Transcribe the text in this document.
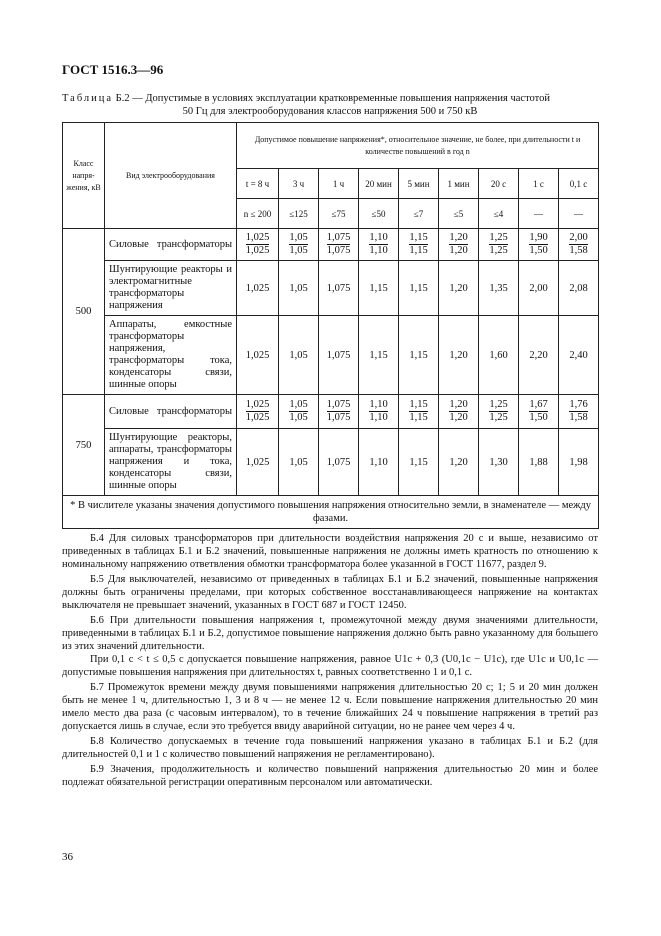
ГОСТ 1516.3—96
Таблица Б.2 — Допустимые в условиях эксплуатации кратковременные повышения напряжения частотой
50 Гц для электрооборудования классов напряжения 500 и 750 кВ
Класс напря-жения, кВ	Вид электрооборудования	Допустимое повышение напряжения*, относительное значение, не более, при длительности t и количестве повышений в год n								
		t = 8 ч	3 ч	1 ч	20 мин	5 мин	1 мин	20 с	1 с	0,1 с
		n ≤ 200	≤125	≤75	≤50	≤7	≤5	≤4	—	—
500	Силовые трансформаторы	$\frac{1,025}{1,025}$	$\frac{1,05}{1,05}$	$\frac{1,075}{1,075}$	$\frac{1,10}{1,10}$	$\frac{1,15}{1,15}$	$\frac{1,20}{1,20}$	$\frac{1,25}{1,25}$	$\frac{1,90}{1,50}$	$\frac{2,00}{1,58}$

	Шунтирующие реакторы и электромагнитные трансформаторы напряжения	1,025	1,05	1,075	1,15	1,15	1,20	1,35	2,00	2,08
	Аппараты, емкостные трансформаторы напряжения, трансформаторы тока, конденсаторы связи, шинные опоры	1,025	1,05	1,075	1,15	1,15	1,20	1,60	2,20	2,40
750	Силовые трансформаторы	$\frac{1,025}{1,025}$	$\frac{1,05}{1,05}$	$\frac{1,075}{1,075}$	$\frac{1,10}{1,10}$	$\frac{1,15}{1,15}$	$\frac{1,20}{1,20}$	$\frac{1,25}{1,25}$	$\frac{1,67}{1,50}$	$\frac{1,76}{1,58}$

	Шунтирующие реакторы, аппараты, трансформаторы напряжения и тока, конденсаторы связи, шинные опоры	1,025	1,05	1,075	1,10	1,15	1,20	1,30	1,88	1,98
* В числителе указаны значения допустимого повышения напряжения относительно земли, в знаменателе — между фазами.										

Б.4 Для силовых трансформаторов при длительности воздействия напряжения 20 с и выше, независимо от приведенных в таблицах Б.1 и Б.2 значений, повышенные напряжения не должны иметь кратность по отношению к номинальному напряжению ответвления обмотки трансформатора более указанной в ГОСТ 11677, раздел 9.

Б.5 Для выключателей, независимо от приведенных в таблицах Б.1 и Б.2 значений, повышенные напряжения должны быть ограничены пределами, при которых собственное восстанавливающееся напряжение на контактах выключателя не превышает значений, указанных в ГОСТ 687 и ГОСТ 12450.

Б.6 При длительности повышения напряжения t, промежуточной между двумя значениями длительности, приведенными в таблицах Б.1 и Б.2, допустимое повышение напряжения должно быть равно указанному для большего из этих значений длительности.

При 0,1 с < t ≤ 0,5 с допускается повышение напряжения, равное U1c + 0,3 (U0,1c − U1c), где U1c и U0,1c — допустимые повышения напряжения при длительностях t, равных соответственно 1 и 0,1 с.

Б.7 Промежуток времени между двумя повышениями напряжения длительностью 20 с; 1; 5 и 20 мин должен быть не менее 1 ч, длительностью 1, 3 и 8 ч — не менее 12 ч. Если повышение напряжения длительностью 20 мин имело место два раза (с часовым интервалом), то в течение ближайших 24 ч повышение напряжения в третий раз допускается лишь в случае, если это требуется ввиду аварийной ситуации, но не ранее чем через 4 ч.

Б.8 Количество допускаемых в течение года повышений напряжения указано в таблицах Б.1 и Б.2 (для длительностей 0,1 и 1 с количество повышений напряжения не регламентировано).

Б.9 Значения, продолжительность и количество повышений напряжения длительностью 20 мин и более подлежат обязательной регистрации оперативным персоналом или автоматически.

36
